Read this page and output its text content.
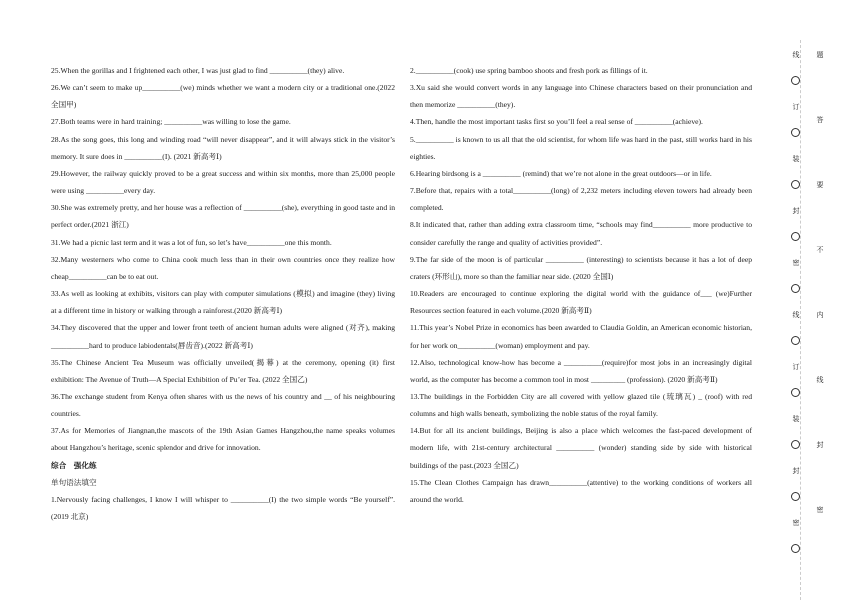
25.When the gorillas and I frightened each other, I was just glad to find __________(they) alive.

26.We can’t seem to make up__________(we) minds whether we want a modern city or a traditional one.(2022 全国甲)

27.Both teams were in hard training; __________was willing to lose the game.

28.As the song goes, this long and winding road “will never disappear”, and it will always stick in the visitor’s memory. It sure does in __________(I). (2021 新高考Ⅰ)

29.However, the railway quickly proved to be a great success and within six months, more than 25,000 people were using __________every day.

30.She was extremely pretty, and her house was a reflection of __________(she), everything in good taste and in perfect order.(2021 浙江)

31.We had a picnic last term and it was a lot of fun, so let’s have__________one this month.

32.Many westerners who come to China cook much less than in their own countries once they realize how cheap__________can be to eat out.

33.As well as looking at exhibits, visitors can play with computer simulations (模拟) and imagine (they) living at a different time in history or walking through a rainforest.(2020 新高考Ⅰ)

34.They discovered that the upper and lower front teeth of ancient human adults were aligned (对齐), making __________hard to produce labiodentals(唇齿音).(2022 新高考Ⅰ)

35.The Chinese Ancient Tea Museum was officially unveiled(揭幕) at the ceremony, opening (it) first exhibition: The Avenue of Truth—A Special Exhibition of Pu’er Tea. (2022 全国乙)

36.The exchange student from Kenya often shares with us the news of his country and __ of his neighbouring countries.

37.As for Memories of Jiangnan,the mascots of the 19th Asian Games Hangzhou,the name speaks volumes about Hangzhou’s heritage, scenic splendor and drive for innovation.

综合　强化练

单句语法填空

1.Nervously facing challenges, I know I will whisper to __________(I) the two simple words “Be yourself”.(2019 北京)

2.__________(cook) use spring bamboo shoots and fresh pork as fillings of it.

3.Xu said she would convert words in any language into Chinese characters based on their pronunciation and then memorize __________(they).

4.Then, handle the most important tasks first so you’ll feel a real sense of __________(achieve).

5.__________ is known to us all that the old scientist, for whom life was hard in the past, still works hard in his eighties.

6.Hearing birdsong is a __________ (remind) that we’re not alone in the great outdoors—or in life.

7.Before that, repairs with a total__________(long) of 2,232 meters including eleven towers had already been completed.

8.It indicated that, rather than adding extra classroom time, “schools may find__________ more productive to consider carefully the range and quality of activities provided”.

9.The far side of the moon is of particular __________ (interesting) to scientists because it has a lot of deep craters (环形山), more so than the familiar near side. (2020 全国Ⅰ)

10.Readers are encouraged to continue exploring the digital world with the guidance of___ (we)Further Resources section featured in each volume.(2020 新高考Ⅱ)

11.This year’s Nobel Prize in economics has been awarded to Claudia Goldin, an American economic historian, for her work on__________(woman) employment and pay.

12.Also, technological know-how has become a __________(require)for most jobs in an increasingly digital world, as the computer has become a common tool in most _________ (profession). (2020 新高考Ⅱ)

13.The buildings in the Forbidden City are all covered with yellow glazed tile (琉璃瓦) _ (roof) with red columns and high walls beneath, symbolizing the noble status of the royal family.

14.But for all its ancient buildings, Beijing is also a place which welcomes the fast-paced development of modern life, with 21st-century architectural __________ (wonder) standing side by side with historical buildings of the past.(2023 全国乙)

15.The Clean Clothes Campaign has drawn__________(attentive) to the working conditions of workers all around the world.

线
订
装
封
密
线
订
装
封
密
题
答
要
不
内
线
封
密
